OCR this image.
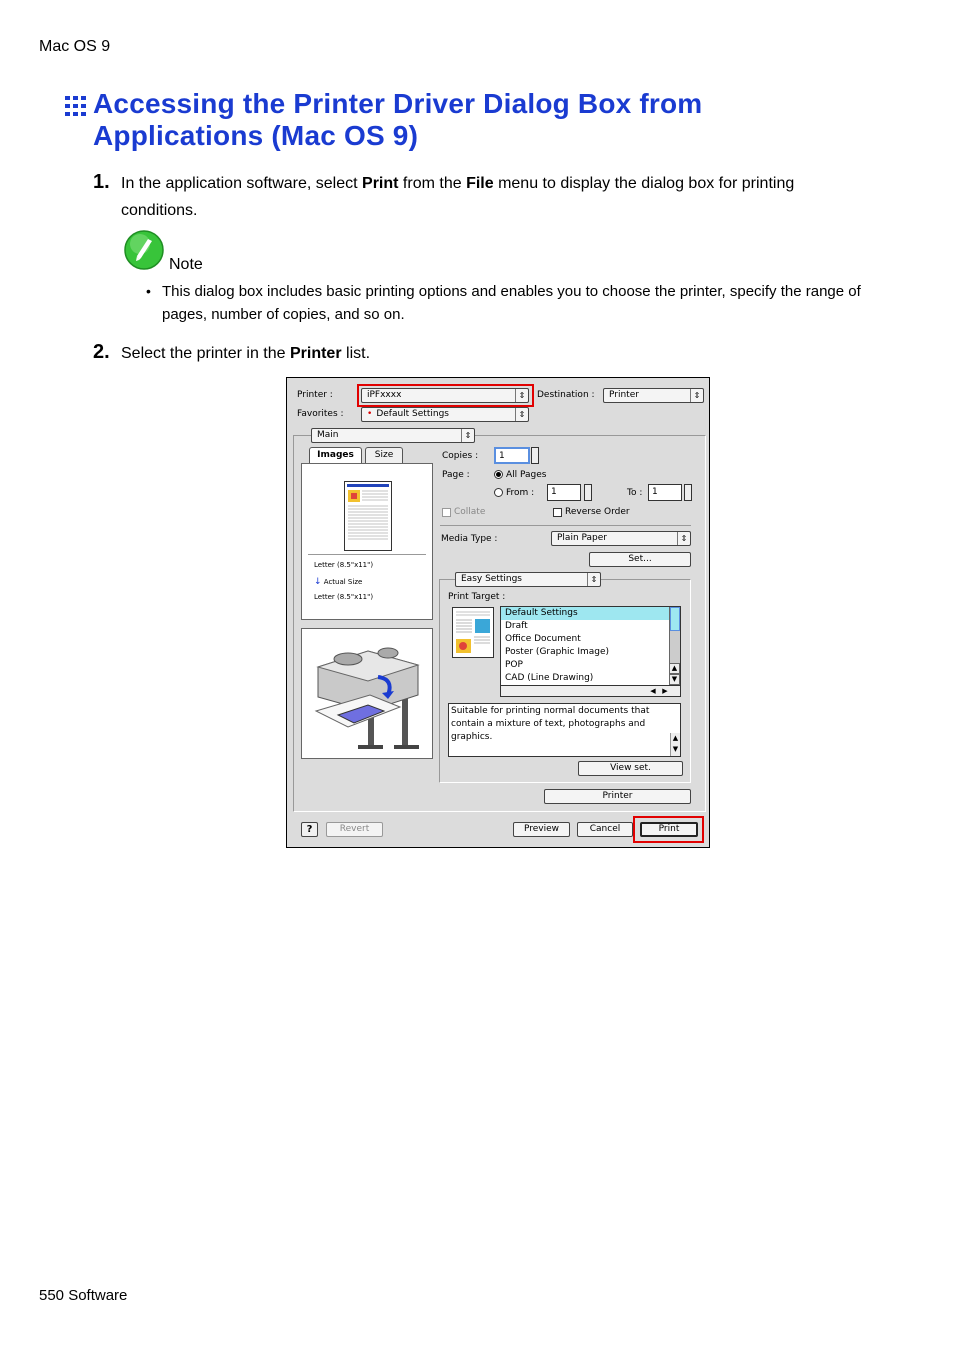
Mac OS 9
Accessing the Printer Driver Dialog Box from
Applications (Mac OS 9)
1. In the application software, select Print from the File menu to display the dialog box for printing
conditions.
Note
• This dialog box includes basic printing options and enables you to choose the printer, specify the range of pages, number of copies, and so on.
2. Select the printer in the Printer list.
Printer :	iPFxxxx	⇕ Destination :	Printer	⇕
Favorites :	• Default Settings	⇕
Main	⇕
Images	Size
Letter (8.5"x11")
↓ Actual Size
Letter (8.5"x11")
Copies :	1
Page :	All Pages
From :	1	To :	1
Collate	Reverse Order
Media Type :	Plain Paper	⇕
Set...
Easy Settings	⇕
Print Target :
Default Settings
Draft
Office Document
Poster (Graphic Image)
POP
CAD (Line Drawing)
▲
▼
◀ ▶
Suitable for printing normal documents that contain a mixture of text, photographs and graphics.	▲
▼
View set.
Printer
?	Revert	Preview	Cancel	Print
550 Software
